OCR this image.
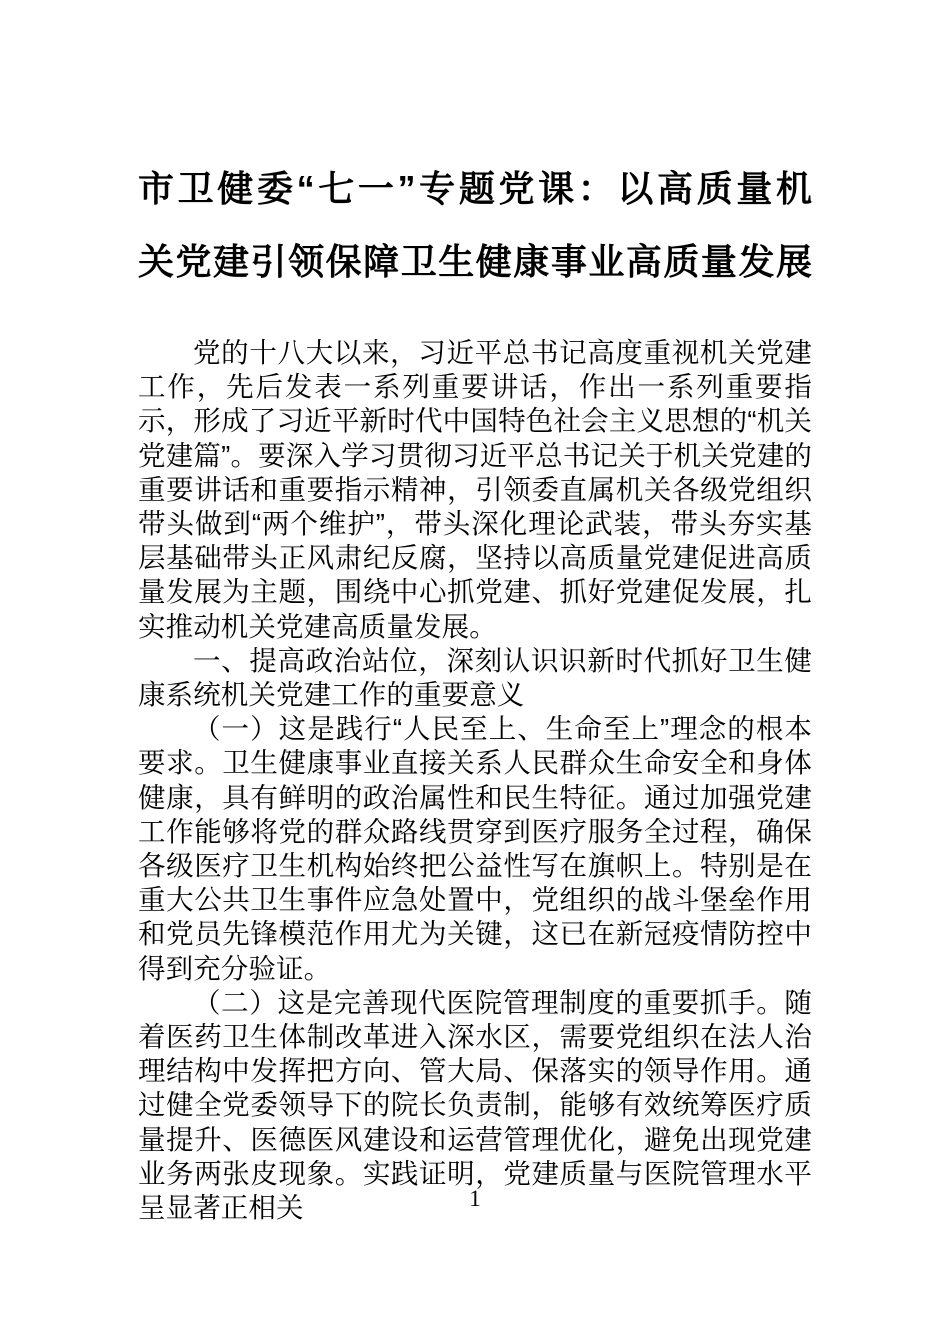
市卫健委“七一”专题党课：以高质量机
关党建引领保障卫生健康事业高质量发展

党的十八大以来，习近平总书记高度重视机关党建工作，先后发表一系列重要讲话，作出一系列重要指示，形成了习近平新时代中国特色社会主义思想的“机关党建篇”。要深入学习贯彻习近平总书记关于机关党建的重要讲话和重要指示精神，引领委直属机关各级党组织带头做到“两个维护”，带头深化理论武装，带头夯实基层基础带头正风肃纪反腐，坚持以高质量党建促进高质量发展为主题，围绕中心抓党建、抓好党建促发展，扎实推动机关党建高质量发展。

一、提高政治站位，深刻认识识新时代抓好卫生健康系统机关党建工作的重要意义

（一）这是践行“人民至上、生命至上”理念的根本要求。卫生健康事业直接关系人民群众生命安全和身体健康，具有鲜明的政治属性和民生特征。通过加强党建工作能够将党的群众路线贯穿到医疗服务全过程，确保各级医疗卫生机构始终把公益性写在旗帜上。特别是在重大公共卫生事件应急处置中，党组织的战斗堡垒作用和党员先锋模范作用尤为关键，这已在新冠疫情防控中得到充分验证。

（二）这是完善现代医院管理制度的重要抓手。随着医药卫生体制改革进入深水区，需要党组织在法人治理结构中发挥把方向、管大局、保落实的领导作用。通过健全党委领导下的院长负责制，能够有效统筹医疗质量提升、医德医风建设和运营管理优化，避免出现党建业务两张皮现象。实践证明，党建质量与医院管理水平呈显著正相关	1
